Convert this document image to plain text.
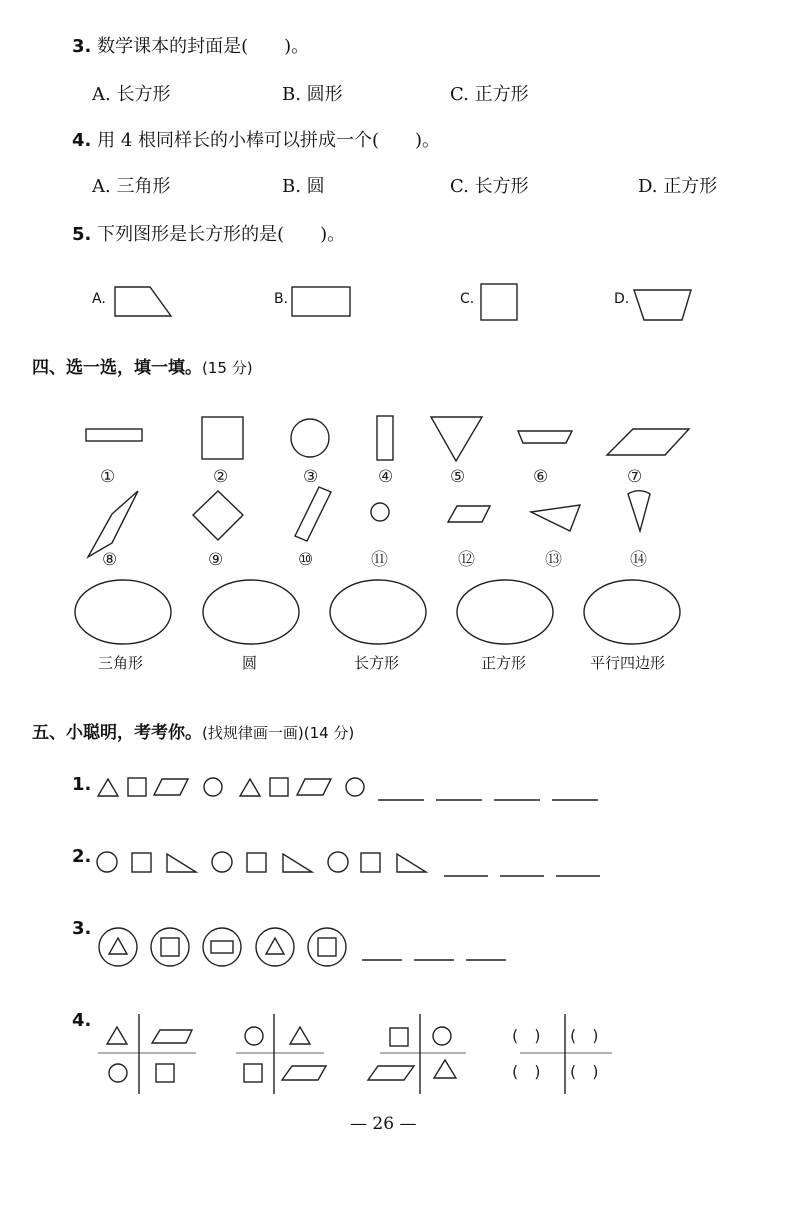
3. 数学课本的封面是(　　)。
A. 长方形	B. 圆形	C. 正方形
4. 用 4 根同样长的小棒可以拼成一个(　　)。
A. 三角形	B. 圆	C. 长方形	D. 正方形
5. 下列图形是长方形的是(　　)。
A.	B.	C.	D.
四、选一选，填一填。(15 分)
三角形	圆	长方形	正方形	平行四边形
五、小聪明，考考你。(找规律画一画)(14 分)
1.
2.
3.
4.
— 26 —
①	②	③	④	⑤	⑥	⑦
⑧	⑨	⑩	⑪	⑫	⑬	⑭
(　) (　)
(　) (　)
